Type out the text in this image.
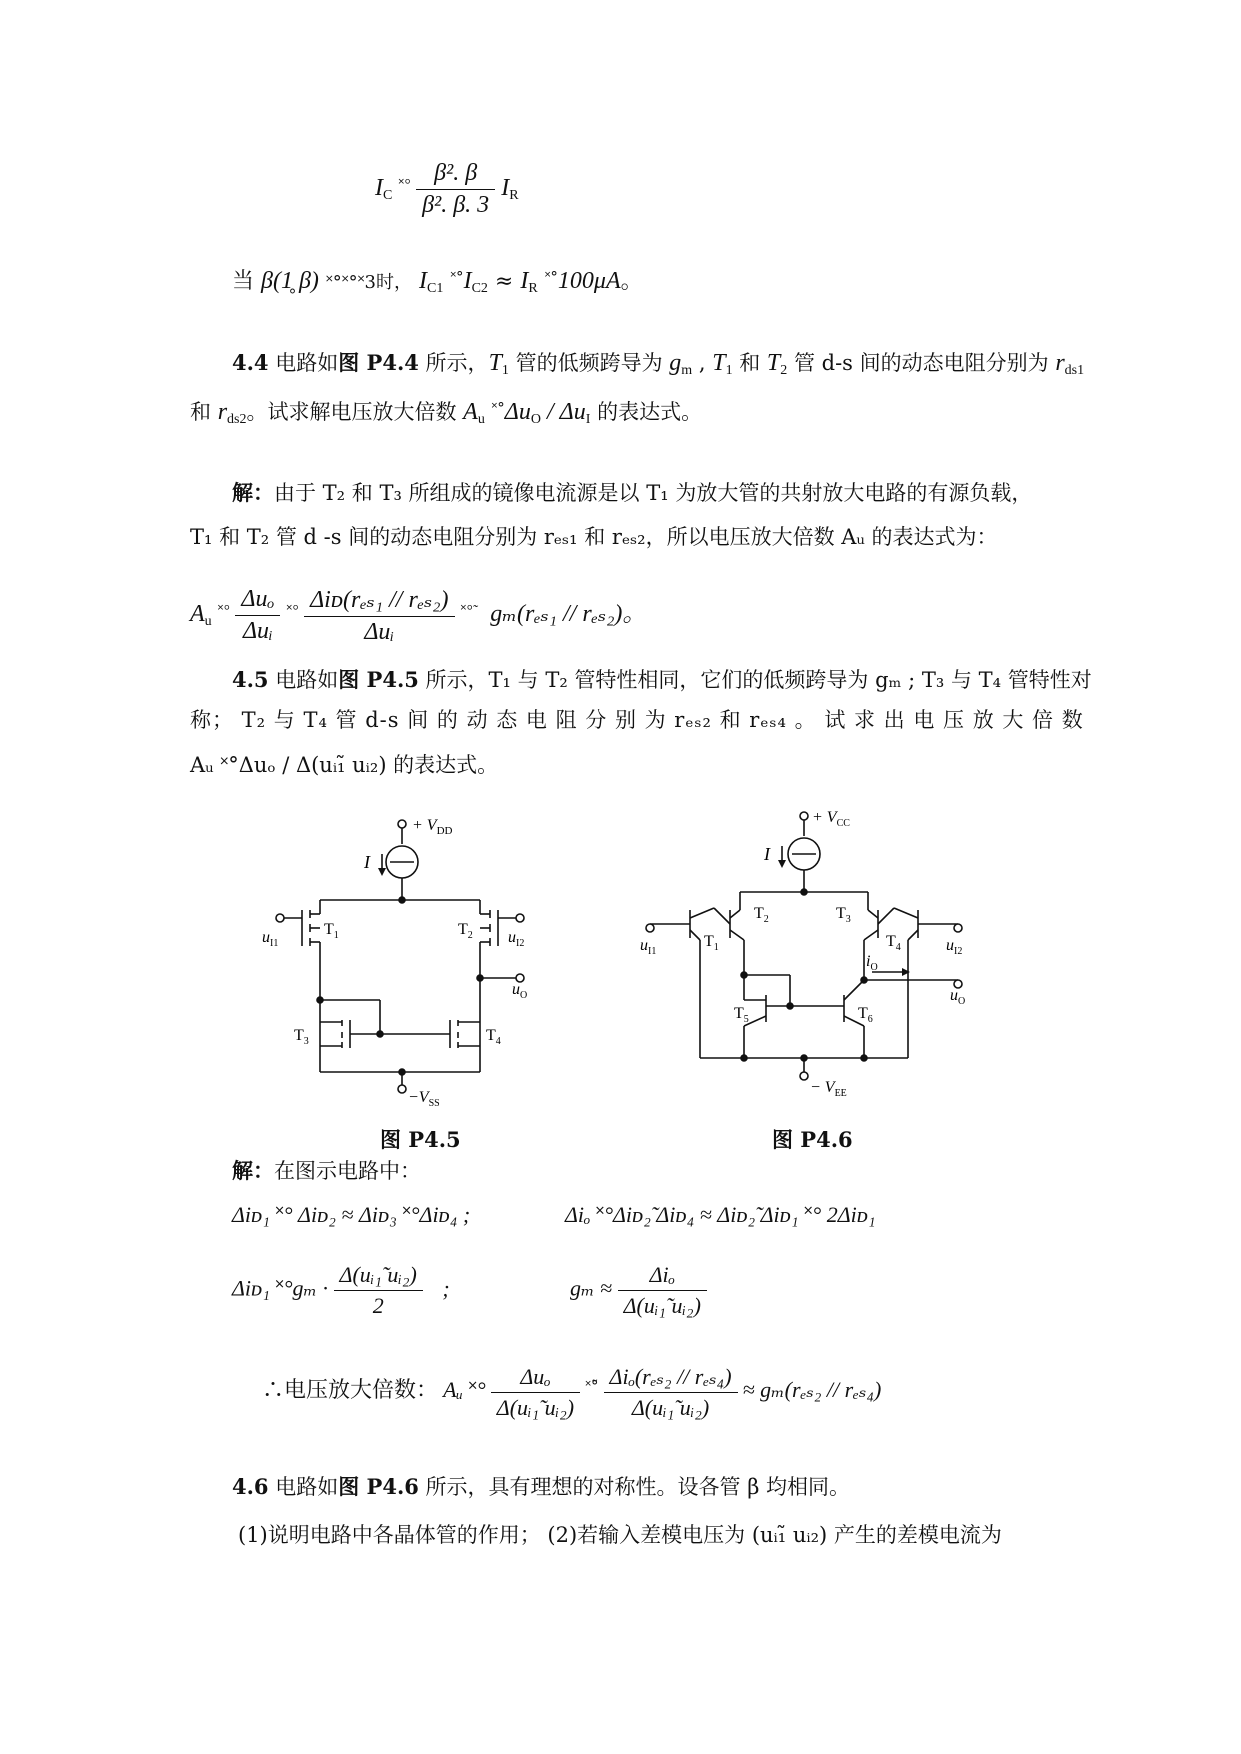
$I_C$ $^{˟^\circ} \frac{\text{β². β}}{\text{β². β. 3}} I_R$
当 β(1̥ β) ˟°˟°˟3时， $I_{C1}$ $^{˟^\circ}I_{C2} \approx I_R$ ˟°100μA。
4.4 电路如图 P4.4 所示，$T_1$ 管的低频跨导为 $g_m$ , $T_1$ 和 $T_2$ 管 d-s 间的动态电阻分别为 $r_{ds1}$
和 $r_{ds2}$。试求解电压放大倍数 $A_u$ $^{˟^\circ}\Delta u_O / \Delta u_I$ 的表达式。
解：由于 T₂ 和 T₃ 所组成的镜像电流源是以 T₁ 为放大管的共射放大电路的有源负载，
T₁ 和 T₂ 管 d -s 间的动态电阻分别为 rₑₛ₁ 和 rₑₛ₂，所以电压放大倍数 Aᵤ 的表达式为：
$A_u$ $^{˟^\circ} \frac{\text{Δuₒ}}{\text{Δuᵢ}} ^{˟^\circ} \frac{\text{Δiᴅ(rₑₛ₁ // rₑₛ₂)}}{\text{Δuᵢ}} ^{˟^\circ̃}$ gₘ(rₑₛ₁ // rₑₛ₂)。
4.5 电路如图 P4.5 所示，T₁ 与 T₂ 管特性相同，它们的低频跨导为 gₘ ; T₃ 与 T₄ 管特性对
称； T₂ 与 T₄ 管 d-s 间 的 动 态 电 阻 分 别 为 rₑₛ₂ 和 rₑₛ₄ 。 试 求 出 电 压 放 大 倍 数
Aᵤ ˟°Δuₒ / Δ(uᵢ₁̃ uᵢ₂) 的表达式。
+ $V_{DD}$
I
$u_{I1}$	$u_{I2}$
$T_1$	$T_2$
$T_3$	$T_4$
$u_O$
$-V_{SS}$
+ $V_{CC}$
I
$u_{I1}$	$u_{I2}$
$T_1$
$T_2$	$T_3$
$T_4$
$T_5$	$T_6$
$i_O$
$u_O$
− $V_{EE}$
图 P4.5	图 P4.6
解：在图示电路中：
Δiᴅ₁ ˟° Δiᴅ₂ ≈ Δiᴅ₃ ˟°Δiᴅ₄ ;	Δiₒ ˟°Δiᴅ₂̃ Δiᴅ₄ ≈ Δiᴅ₂̃ Δiᴅ₁ ˟° 2Δiᴅ₁
Δiᴅ₁ ˟°gₘ · $\frac{\text{Δ(uᵢ₁̃ uᵢ₂)}}{2}$ ;	$g_m \approx \frac{\text{Δiₒ}}{\text{Δ(uᵢ₁̃ uᵢ₂)}}$
∴电压放大倍数： Aᵤ ˟° $\frac{\text{Δuₒ}}{\text{Δ(uᵢ₁̃ uᵢ₂)}}$ ˟°̃ $\frac{\text{Δiₒ(rₑₛ₂ // rₑₛ₄)}}{\text{Δ(uᵢ₁̃ uᵢ₂)}} \approx g_m(r_{es2} // r_{es4})$
4.6 电路如图 P4.6 所示，具有理想的对称性。设各管 β 均相同。
(1)说明电路中各晶体管的作用； (2)若输入差模电压为 (uᵢ₁̃ uᵢ₂) 产生的差模电流为
